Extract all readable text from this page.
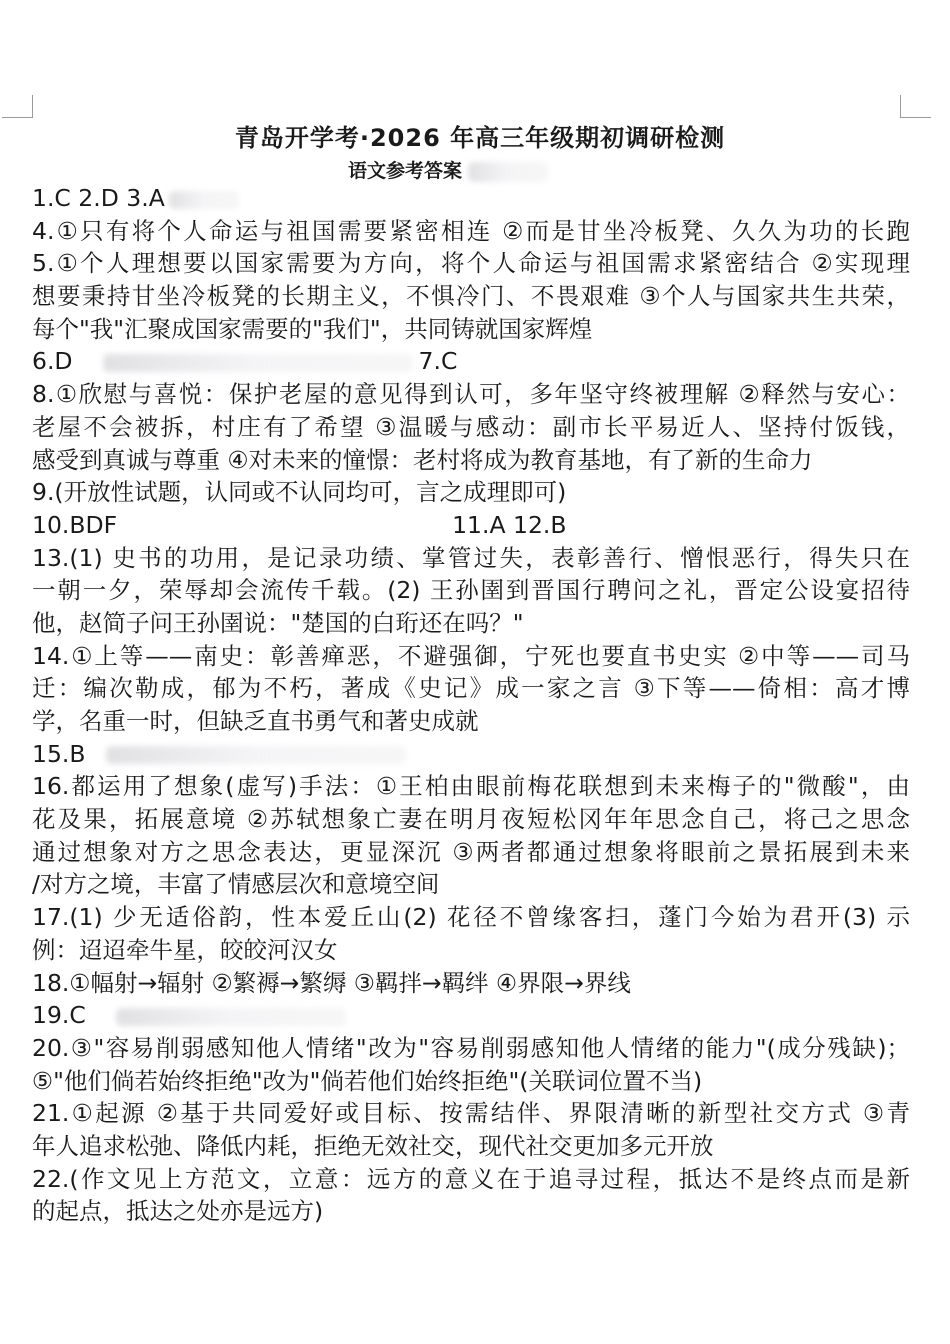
青岛开学考·2026 年高三年级期初调研检测
语文参考答案
1.C 2.D 3.A
4.①只有将个人命运与祖国需要紧密相连 ②而是甘坐冷板凳、久久为功的长跑
5.①个人理想要以国家需要为方向，将个人命运与祖国需求紧密结合 ②实现理
想要秉持甘坐冷板凳的长期主义，不惧冷门、不畏艰难 ③个人与国家共生共荣，
每个"我"汇聚成国家需要的"我们"，共同铸就国家辉煌
6.D	7.C
8.①欣慰与喜悦：保护老屋的意见得到认可，多年坚守终被理解 ②释然与安心：
老屋不会被拆，村庄有了希望 ③温暖与感动：副市长平易近人、坚持付饭钱，
感受到真诚与尊重 ④对未来的憧憬：老村将成为教育基地，有了新的生命力
9.(开放性试题，认同或不认同均可，言之成理即可)
10.BDF	11.A 12.B
13.(1) 史书的功用，是记录功绩、掌管过失，表彰善行、憎恨恶行，得失只在
一朝一夕，荣辱却会流传千载。(2) 王孙圉到晋国行聘问之礼，晋定公设宴招待
他，赵简子问王孙圉说："楚国的白珩还在吗？"
14.①上等——南史：彰善瘅恶，不避强御，宁死也要直书史实 ②中等——司马
迁：编次勒成，郁为不朽，著成《史记》成一家之言 ③下等——倚相：高才博
学，名重一时，但缺乏直书勇气和著史成就
15.B
16.都运用了想象(虚写)手法：①王柏由眼前梅花联想到未来梅子的"微酸"，由
花及果，拓展意境 ②苏轼想象亡妻在明月夜短松冈年年思念自己，将己之思念
通过想象对方之思念表达，更显深沉 ③两者都通过想象将眼前之景拓展到未来
/对方之境，丰富了情感层次和意境空间
17.(1) 少无适俗韵，性本爱丘山(2) 花径不曾缘客扫，蓬门今始为君开(3) 示
例：迢迢牵牛星，皎皎河汉女
18.①幅射→辐射 ②繁褥→繁缛 ③羁拌→羁绊 ④界限→界线
19.C
20.③"容易削弱感知他人情绪"改为"容易削弱感知他人情绪的能力"(成分残缺)；
⑤"他们倘若始终拒绝"改为"倘若他们始终拒绝"(关联词位置不当)
21.①起源 ②基于共同爱好或目标、按需结伴、界限清晰的新型社交方式 ③青
年人追求松弛、降低内耗，拒绝无效社交，现代社交更加多元开放
22.(作文见上方范文，立意：远方的意义在于追寻过程，抵达不是终点而是新
的起点，抵达之处亦是远方)
